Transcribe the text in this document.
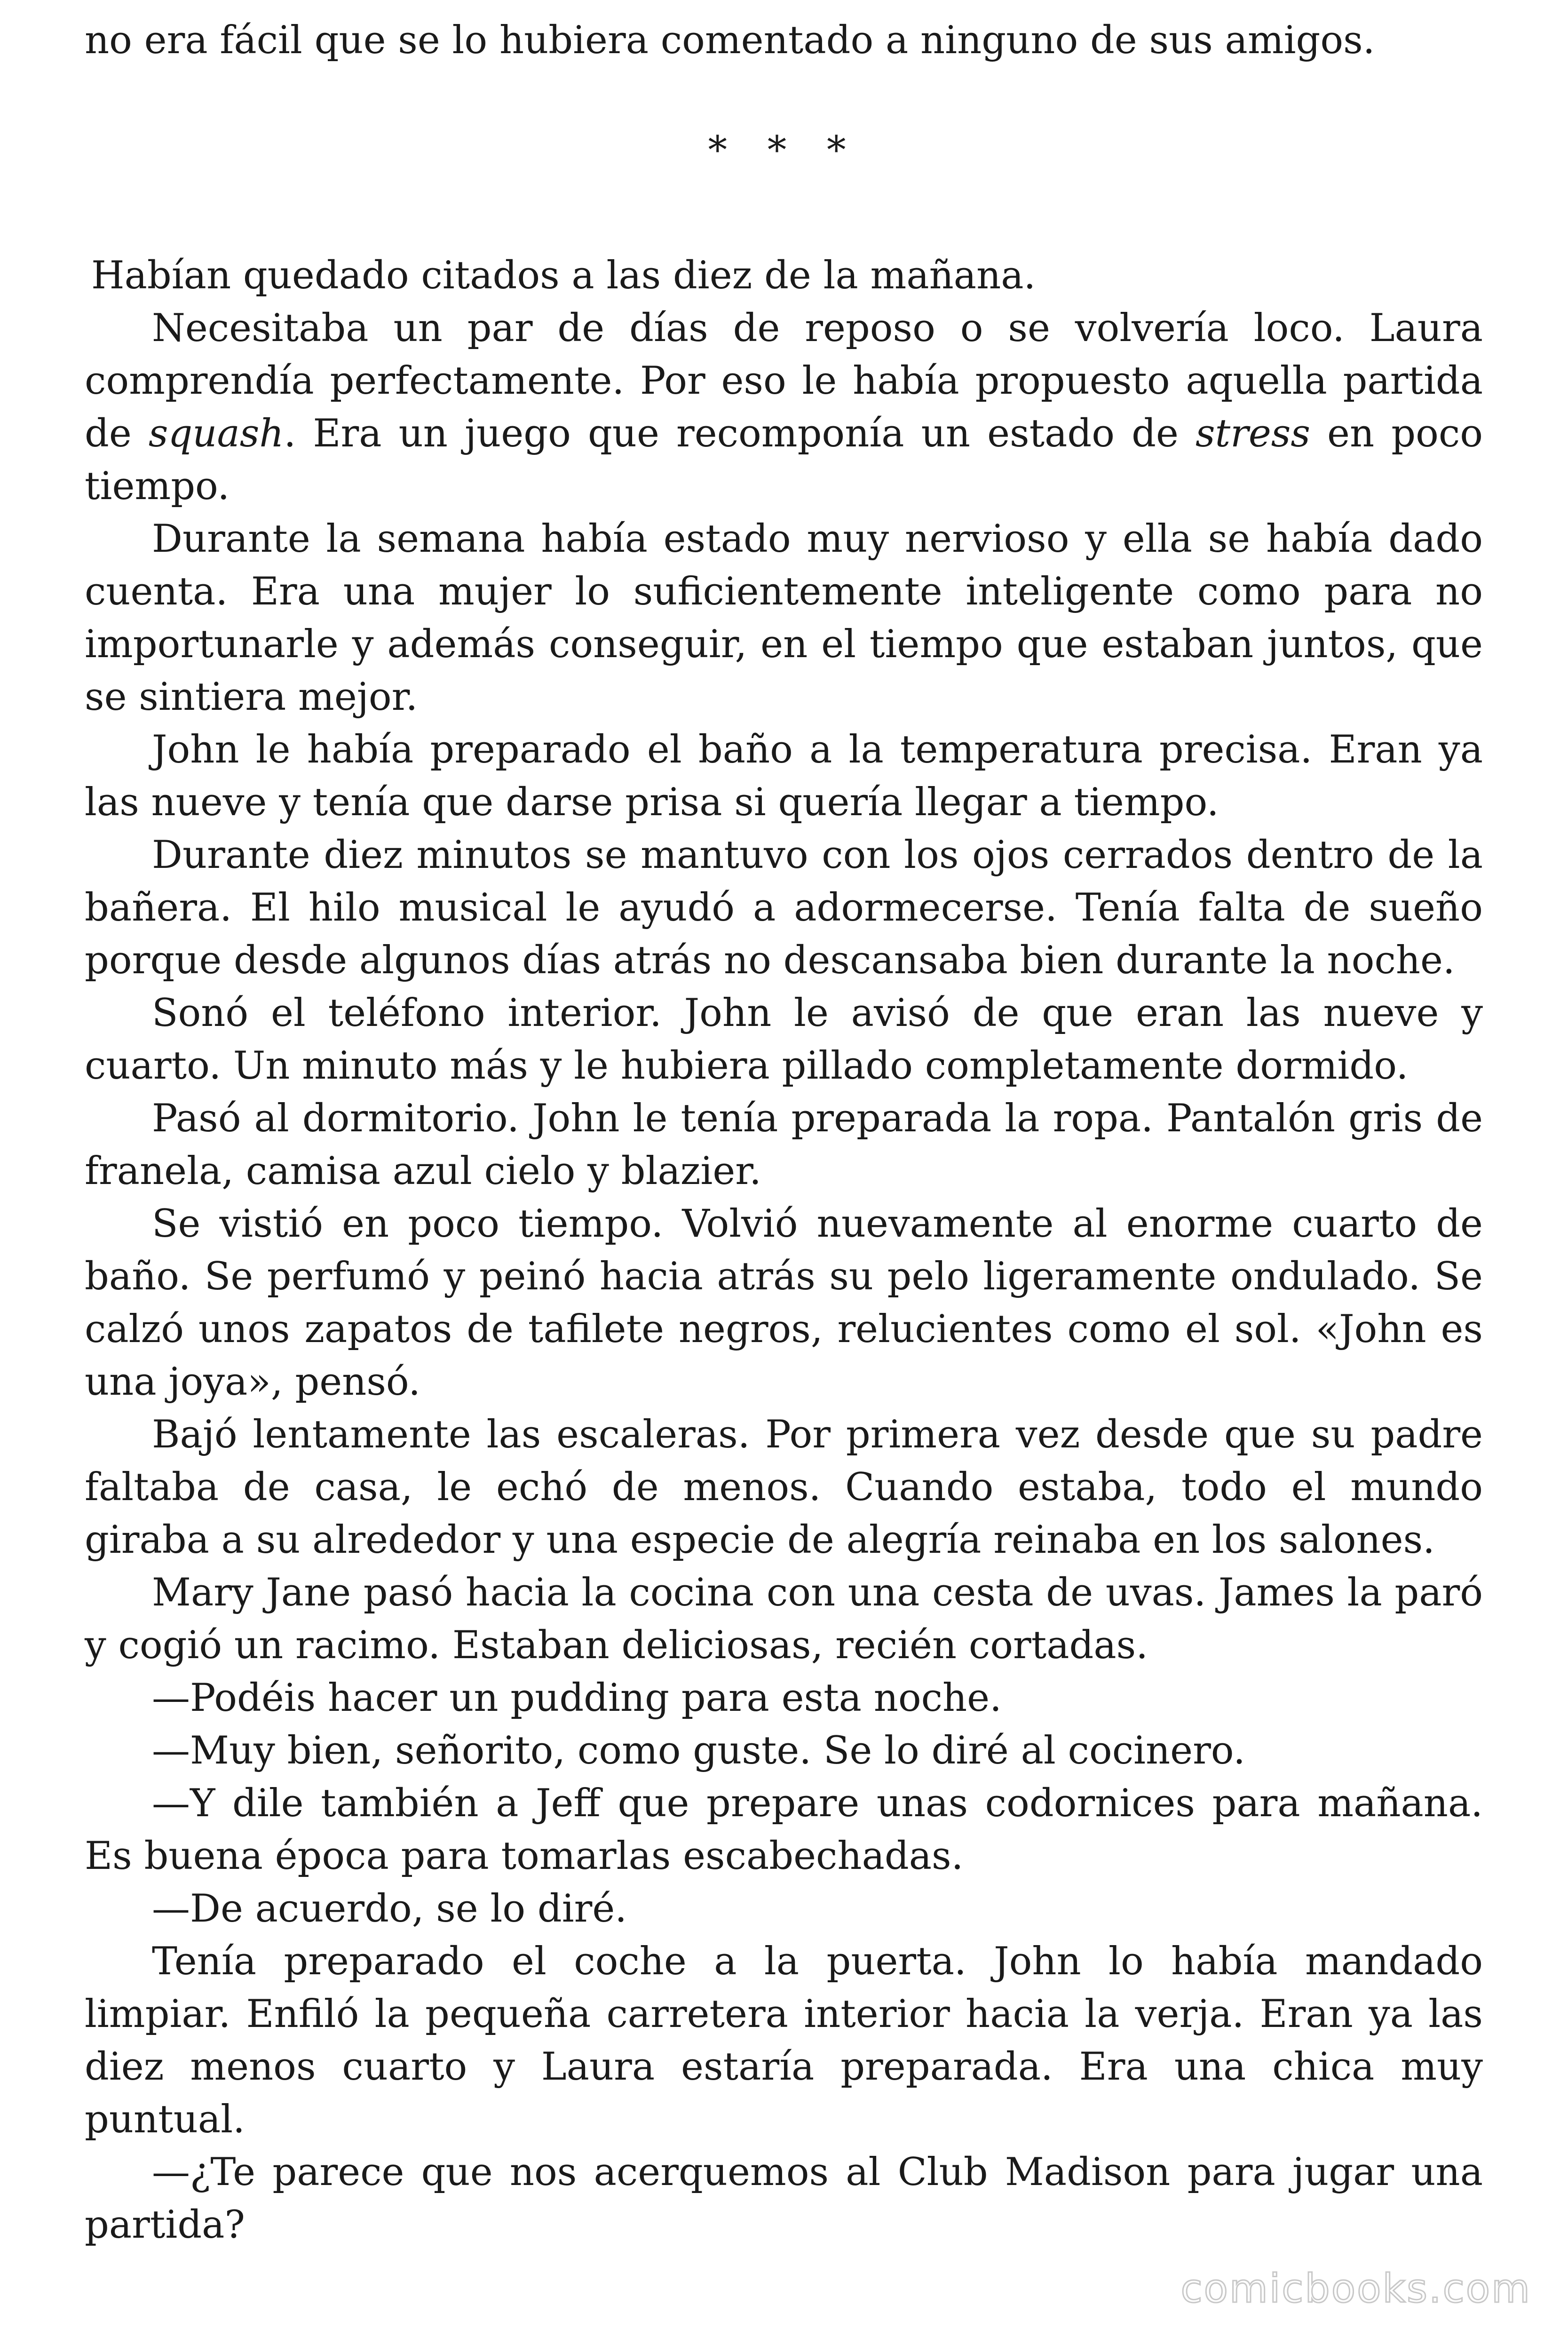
no era fácil que se lo hubiera comentado a ninguno de sus amigos.
* * *

Habían quedado citados a las diez de la mañana.

Necesitaba un par de días de reposo o se volvería loco. Laura comprendía perfectamente. Por eso le había propuesto aquella partida de squash. Era un juego que recomponía un estado de stress en poco tiempo.

Durante la semana había estado muy nervioso y ella se había dado cuenta. Era una mujer lo suficientemente inteligente como para no importunarle y además conseguir, en el tiempo que estaban juntos, que se sintiera mejor.

John le había preparado el baño a la temperatura precisa. Eran ya las nueve y tenía que darse prisa si quería llegar a tiempo.

Durante diez minutos se mantuvo con los ojos cerrados dentro de la bañera. El hilo musical le ayudó a adormecerse. Tenía falta de sueño porque desde algunos días atrás no descansaba bien durante la noche.

Sonó el teléfono interior. John le avisó de que eran las nueve y cuarto. Un minuto más y le hubiera pillado completamente dormido.

Pasó al dormitorio. John le tenía preparada la ropa. Pantalón gris de franela, camisa azul cielo y blazier.

Se vistió en poco tiempo. Volvió nuevamente al enorme cuarto de baño. Se perfumó y peinó hacia atrás su pelo ligeramente ondulado. Se calzó unos zapatos de tafilete negros, relucientes como el sol. «John es una joya», pensó.

Bajó lentamente las escaleras. Por primera vez desde que su padre faltaba de casa, le echó de menos. Cuando estaba, todo el mundo giraba a su alrededor y una especie de alegría reinaba en los salones.

Mary Jane pasó hacia la cocina con una cesta de uvas. James la paró y cogió un racimo. Estaban deliciosas, recién cortadas.

—Podéis hacer un pudding para esta noche.

—Muy bien, señorito, como guste. Se lo diré al cocinero.

—Y dile también a Jeff que prepare unas codornices para mañana. Es buena época para tomarlas escabechadas.

—De acuerdo, se lo diré.

Tenía preparado el coche a la puerta. John lo había mandado limpiar. Enfiló la pequeña carretera interior hacia la verja. Eran ya las diez menos cuarto y Laura estaría preparada. Era una chica muy puntual.

—¿Te parece que nos acerquemos al Club Madison para jugar una partida?

comicbooks.com
